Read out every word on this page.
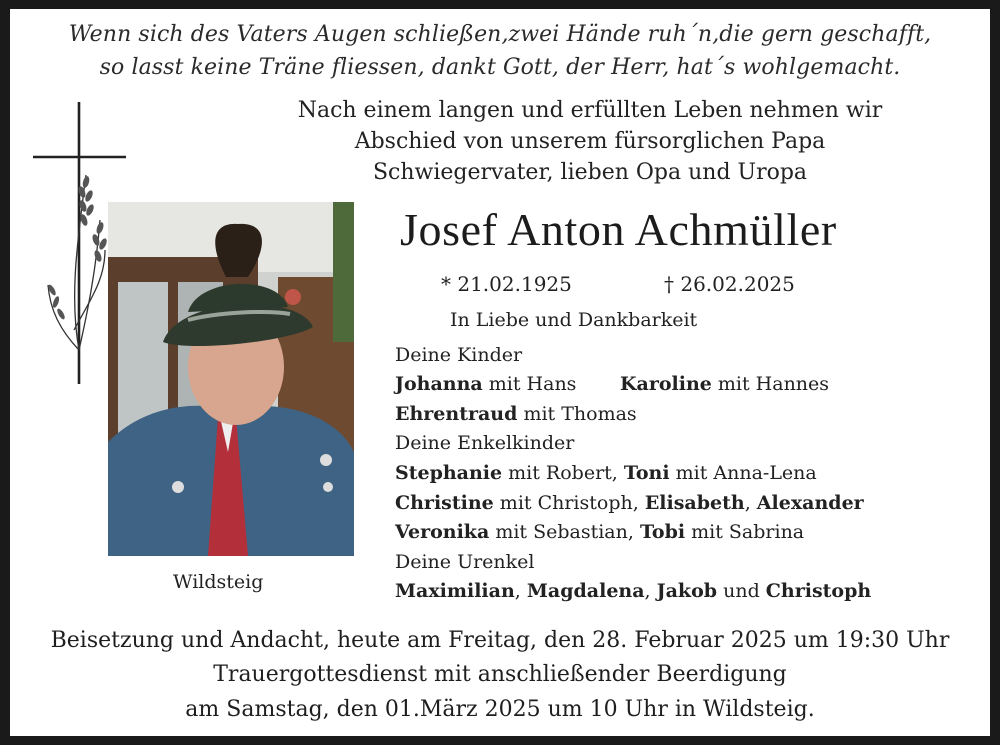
Wenn sich des Vaters Augen schließen,zwei Hände ruh´n,die gern geschafft,
so lasst keine Träne fliessen, dankt Gott, der Herr, hat´s wohlgemacht.
Nach einem langen und erfüllten Leben nehmen wir
Abschied von unserem fürsorglichen Papa
Schwiegervater, lieben Opa und Uropa
Wildsteig
Josef Anton Achmüller
* 21.02.1925	† 26.02.2025
In Liebe und Dankbarkeit
Deine Kinder
Johanna mit Hans Karoline mit Hannes
Ehrentraud mit Thomas
Deine Enkelkinder
Stephanie mit Robert, Toni mit Anna-Lena
Christine mit Christoph, Elisabeth, Alexander
Veronika mit Sebastian, Tobi mit Sabrina
Deine Urenkel
Maximilian, Magdalena, Jakob und Christoph
Beisetzung und Andacht, heute am Freitag, den 28. Februar 2025 um 19:30 Uhr
Trauergottesdienst mit anschließender Beerdigung
am Samstag, den 01.März 2025 um 10 Uhr in Wildsteig.
